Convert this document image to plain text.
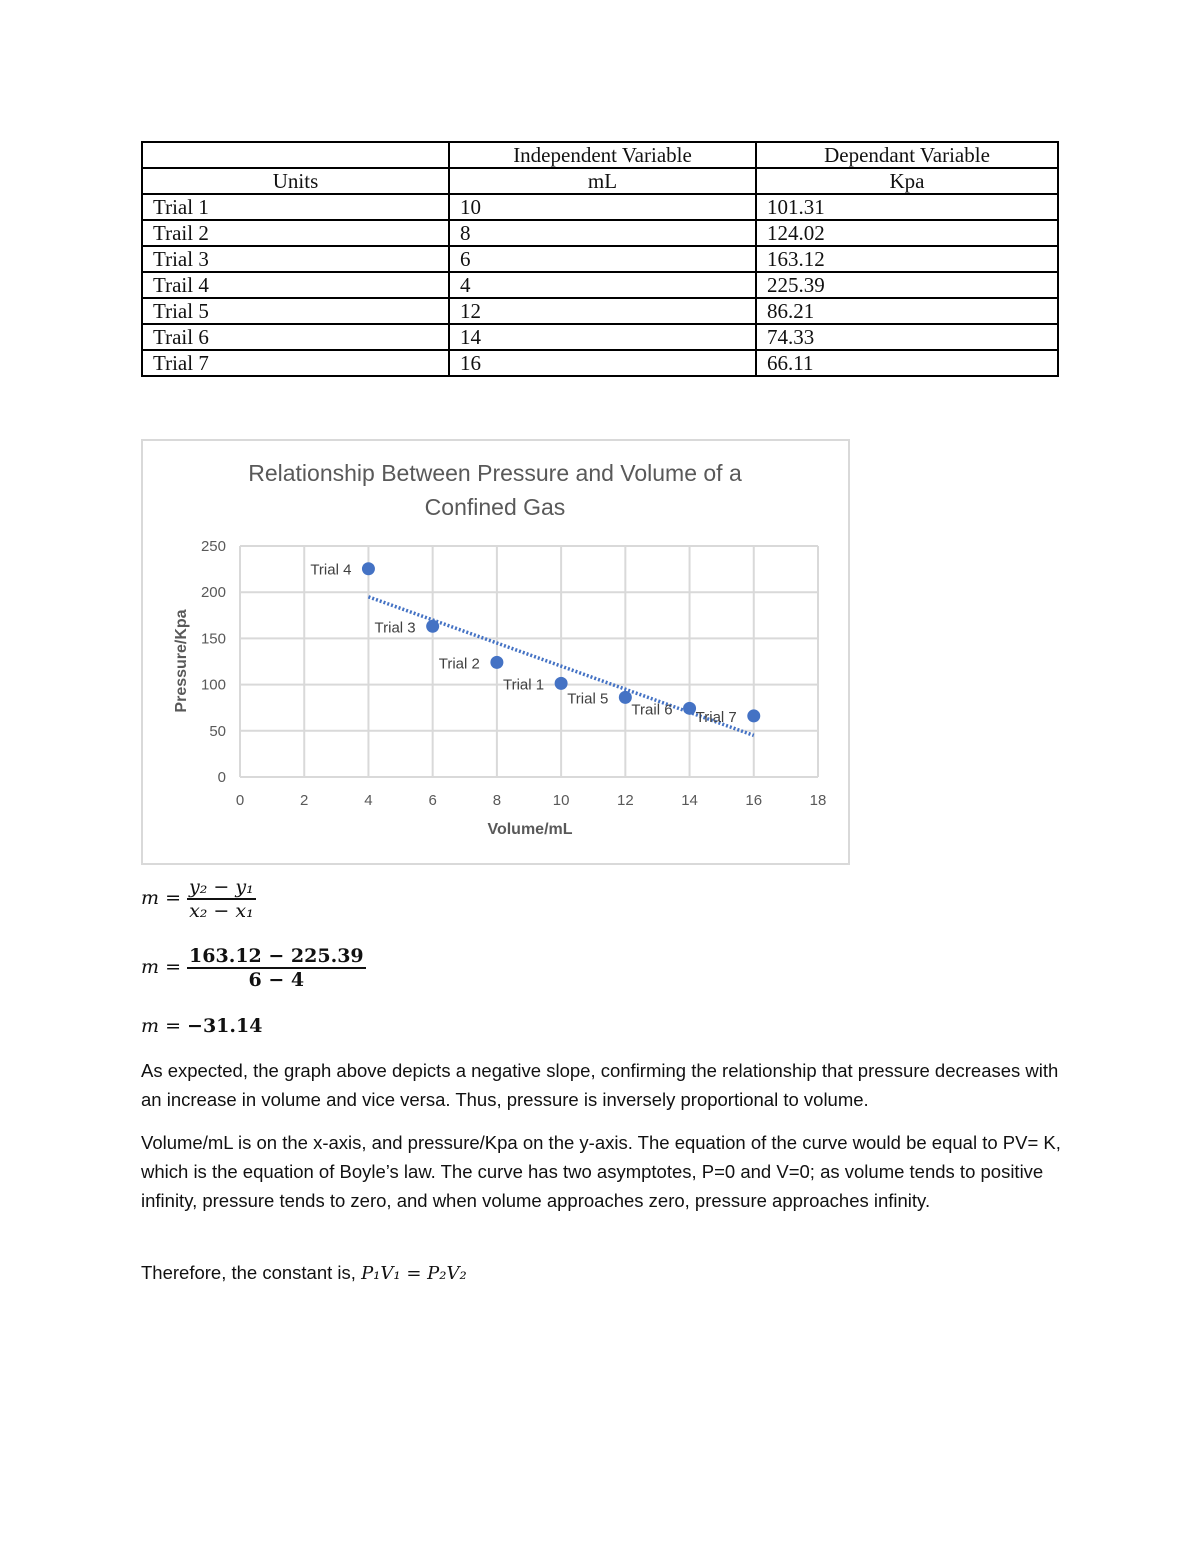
	Independent Variable	Dependant Variable
Units	mL	Kpa
Trial 1	10	101.31
Trail 2	8	124.02
Trial 3	6	163.12
Trail 4	4	225.39
Trial 5	12	86.21
Trail 6	14	74.33
Trial 7	16	66.11
Relationship Between Pressure and Volume of a
Confined Gas
Volume/mL
Pressure/Kpa
0
50
100
150
200
250
0	2	4	6	8	10	12	14	16	18
Trial 1
Trial 2
Trial 3
Trial 4
Trial 5
Trail 6 Trial 7
$m = \frac{\text{y₂ − y₁}}{\text{x₂ − x₁}}$
$m = \frac{163.12 - 225.39}{6 - 4}$
m = −31.14

As expected, the graph above depicts a negative slope, confirming the relationship that pressure decreases with an increase in volume and vice versa. Thus, pressure is inversely proportional to volume.

Volume/mL is on the x-axis, and pressure/Kpa on the y-axis. The equation of the curve would be equal to PV= K, which is the equation of Boyle’s law. The curve has two asymptotes, P=0 and V=0; as volume tends to positive infinity, pressure tends to zero, and when volume approaches zero, pressure approaches infinity.

Therefore, the constant is, P₁V₁ = P₂V₂
